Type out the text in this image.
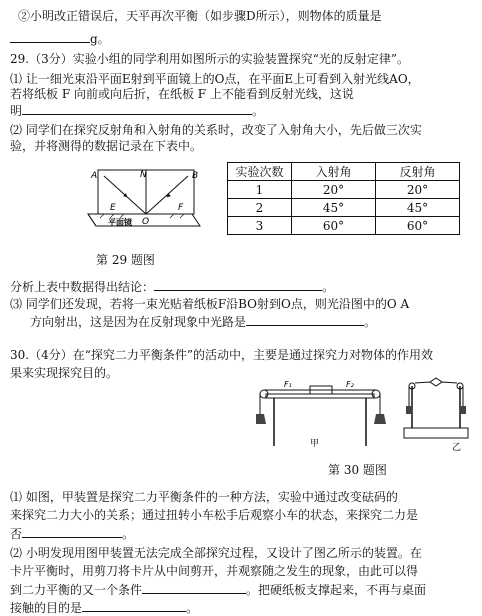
②小明改正错误后，天平再次平衡（如步骤D所示），则物体的质量是
g。
29.（3分）实验小组的同学利用如图所示的实验装置探究“光的反射定律”。
⑴ 让一细光束沿平面E射到平面镜上的O点，在平面E上可看到入射光线AO，
若将纸板 F 向前或向后折，在纸板 F 上不能看到反射光线，这说
明	。
⑵ 同学们在探究反射角和入射角的关系时，改变了入射角大小，先后做三次实
验，并将测得的数据记录在下表中。
A	N	B
E	F
O
平面镜
实验次数	入射角	反射角
1	20°	20°
2	45°	45°
3	60°	60°
第 29 题图
分析上表中数据得出结论：	。
⑶ 同学们还发现，若将一束光贴着纸板F沿BO射到O点，则光沿图中的O A
方向射出，这是因为在反射现象中光路是	。
30.（4分）在“探究二力平衡条件”的活动中，主要是通过探究力对物体的作用效
果来实现探究目的。
F₁	F₂
甲	乙
第 30 题图
⑴ 如图，甲装置是探究二力平衡条件的一种方法，实验中通过改变砝码的
来探究二力大小的关系；通过扭转小车松手后观察小车的状态，来探究二力是
否	。
⑵ 小明发现用图甲装置无法完成全部探究过程，又设计了图乙所示的装置。在
卡片平衡时，用剪刀将卡片从中间剪开，并观察随之发生的现象，由此可以得
到二力平衡的又一个条件	。把硬纸板支撑起来，不再与桌面
接触的目的是	。
